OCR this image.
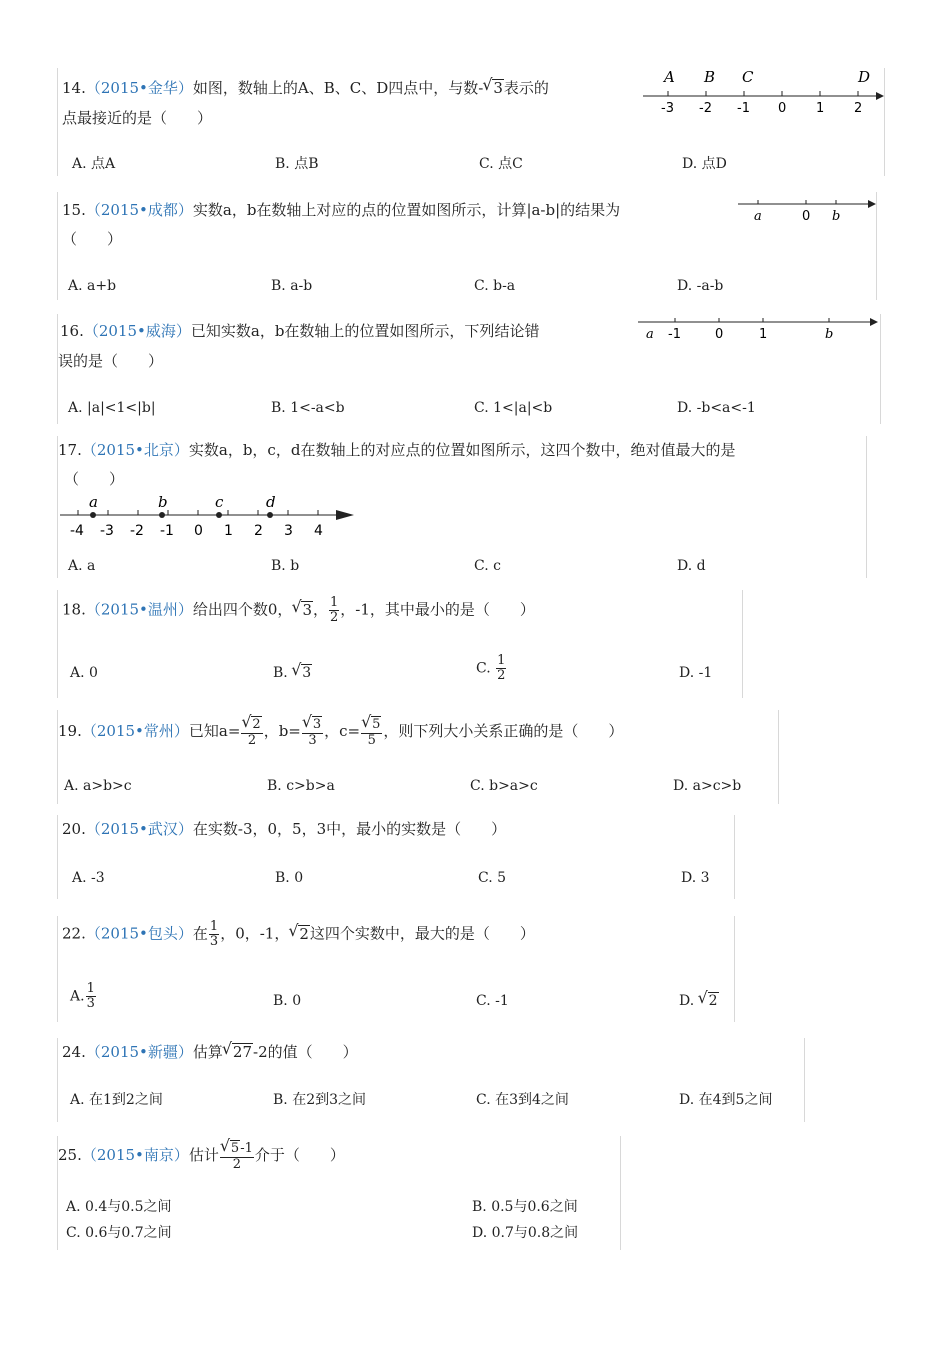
14.（2015•金华）如图，数轴上的A、B、C、D四点中，与数- √ 3表示的
点最接近的是（　　）
-3 -2 -1 0 1 2
A B C	D
A. 点A	B. 点B	C. 点C	D. 点D
15.（2015•成都）实数a，b在数轴上对应的点的位置如图所示，计算|a-b|的结果为
（　　）
a	0 b
A. a+b	B. a-b	C. b-a	D. -a-b
16.（2015•威海）已知实数a，b在数轴上的位置如图所示，下列结论错
误的是（　　）
a -1	0	1	b
A. |a|<1<|b|	B. 1<-a<b	C. 1<|a|<b	D. -b<a<-1
17.（2015•北京）实数a，b，c，d在数轴上的对应点的位置如图所示，这四个数中，绝对值最大的是
（　　）
-4 -3 -2 -1 0 1 2 3 4
a	b	c	d
A. a	B. b	C. c	D. d
18.（2015•温州）给出四个数0， √ 3， $\frac{1}{2}$ ，-1，其中最小的是（　　）
A. 0	B. √ 3	C. $\frac{1}{2}$	D. -1
19.（2015•常州）已知a= √ $\frac{2}{2}$ ，b= √ $\frac{3}{3}$ ，c= √ $\frac{5}{5}$ ，则下列大小关系正确的是（　　）
A. a>b>c	B. c>b>a	C. b>a>c	D. a>c>b
20.（2015•武汉）在实数-3，0，5，3中，最小的实数是（　　）
A. -3	B. 0	C. 5	D. 3
22.（2015•包头）在 $\frac{1}{3}$ ，0，-1， √ 2这四个实数中，最大的是（　　）
A. $\frac{1}{3}$	B. 0	C. -1	D. √ 2
24.（2015•新疆）估算 √ 27-2的值（　　）
A. 在1到2之间	B. 在2到3之间	C. 在3到4之间	D. 在4到5之间
25.（2015•南京）估计 √ $\frac{5-1}{2}$ 介于（　　）
A. 0.4与0.5之间	B. 0.5与0.6之间
C. 0.6与0.7之间	D. 0.7与0.8之间
